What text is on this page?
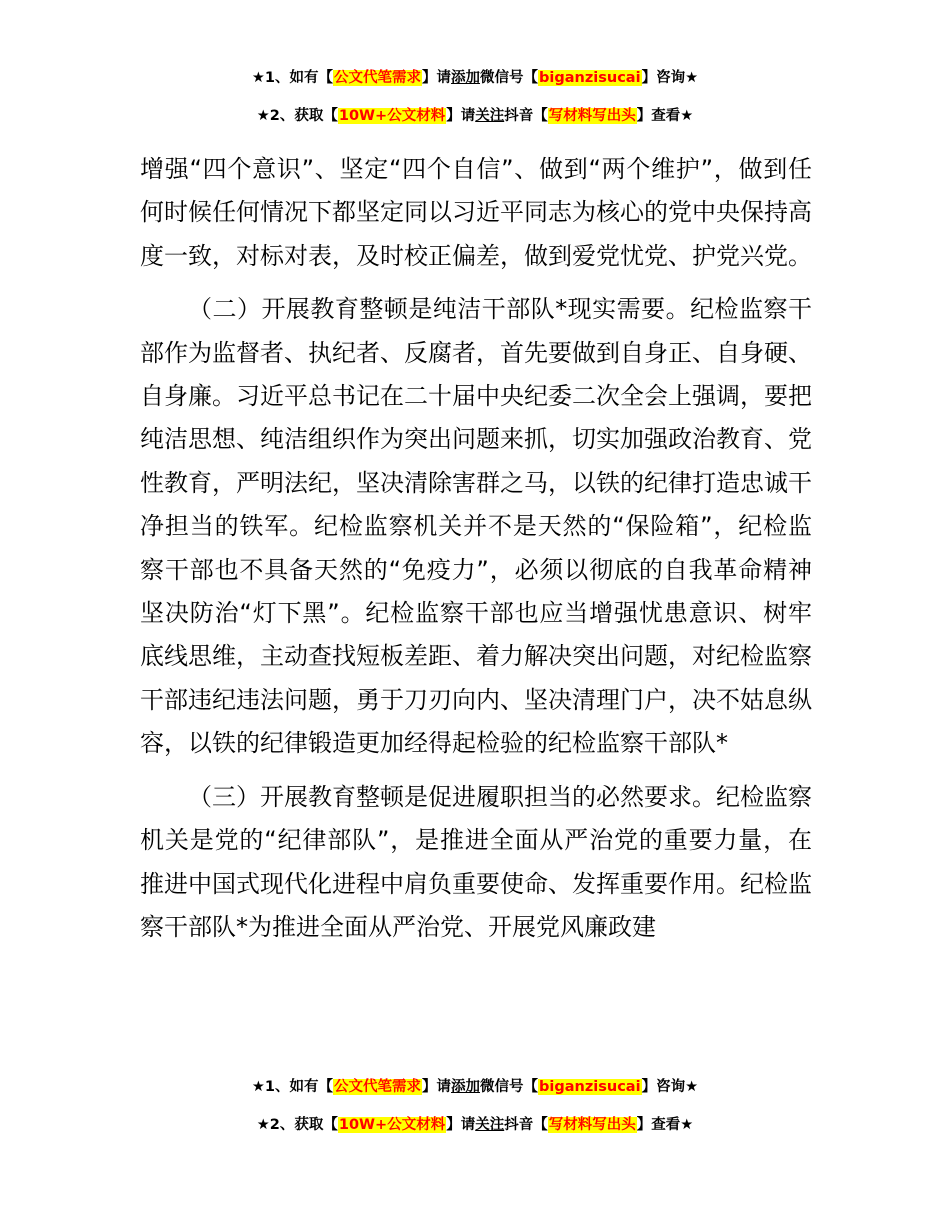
★1、如有【公文代笔需求】请添加微信号【biganzisucai】咨询★
★2、获取【10W+公文材料】请关注抖音【写材料写出头】查看★

增强“四个意识”、坚定“四个自信”、做到“两个维护”，做到任何时候任何情况下都坚定同以习近平同志为核心的党中央保持高度一致，对标对表，及时校正偏差，做到爱党忧党、护党兴党。

（二）开展教育整顿是纯洁干部队*现实需要。纪检监察干部作为监督者、执纪者、反腐者，首先要做到自身正、自身硬、自身廉。习近平总书记在二十届中央纪委二次全会上强调，要把纯洁思想、纯洁组织作为突出问题来抓，切实加强政治教育、党性教育，严明法纪，坚决清除害群之马，以铁的纪律打造忠诚干净担当的铁军。纪检监察机关并不是天然的“保险箱”，纪检监察干部也不具备天然的“免疫力”，必须以彻底的自我革命精神坚决防治“灯下黑”。纪检监察干部也应当增强忧患意识、树牢底线思维，主动查找短板差距、着力解决突出问题，对纪检监察干部违纪违法问题，勇于刀刃向内、坚决清理门户，决不姑息纵容，以铁的纪律锻造更加经得起检验的纪检监察干部队*

（三）开展教育整顿是促进履职担当的必然要求。纪检监察机关是党的“纪律部队”，是推进全面从严治党的重要力量，在推进中国式现代化进程中肩负重要使命、发挥重要作用。纪检监察干部队*为推进全面从严治党、开展党风廉政建

★1、如有【公文代笔需求】请添加微信号【biganzisucai】咨询★
★2、获取【10W+公文材料】请关注抖音【写材料写出头】查看★
